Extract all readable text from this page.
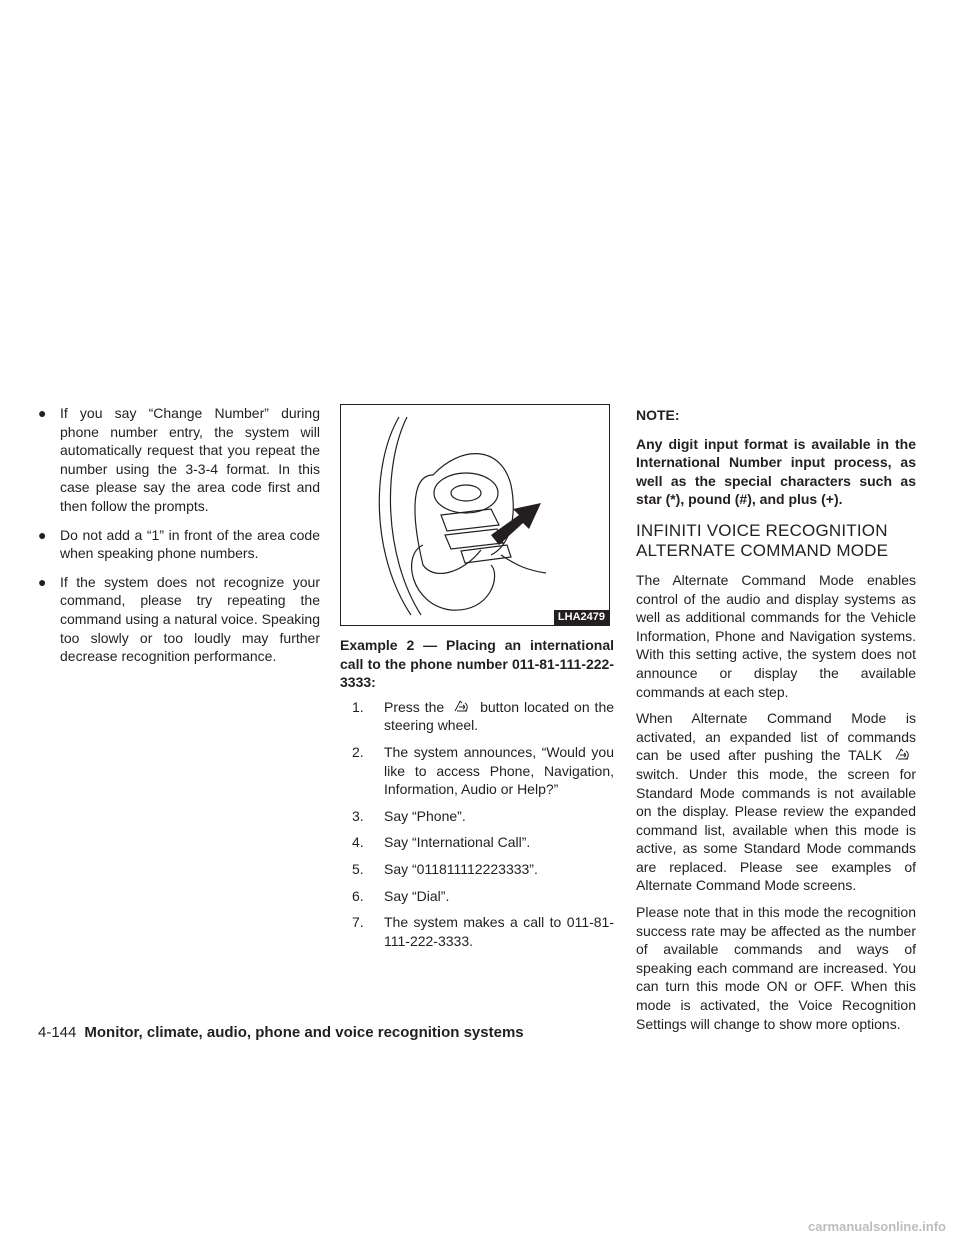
● If you say “Change Number” during phone number entry, the system will automatically request that you repeat the number using the 3-3-4 format. In this case please say the area code first and then follow the prompts.
● Do not add a “1” in front of the area code when speaking phone numbers.
● If the system does not recognize your command, please try repeating the command using a natural voice. Speaking too slowly or too loudly may further decrease recognition performance.
LHA2479
Example 2 — Placing an international call to the phone number 011-81-111-222-3333:
1. Press the	button located on the steering wheel.
2. The system announces, “Would you like to access Phone, Navigation, Information, Audio or Help?”
3. Say “Phone”.
4. Say “International Call”.
5. Say “011811112223333”.
6. Say “Dial”.
7. The system makes a call to 011-81-111-222-3333.
NOTE:
Any digit input format is available in the International Number input process, as well as the special characters such as star (*), pound (#), and plus (+).
INFINITI VOICE RECOGNITION
ALTERNATE COMMAND MODE

The Alternate Command Mode enables control of the audio and display systems as well as additional commands for the Vehicle Information, Phone and Navigation systems. With this setting active, the system does not announce or display the available commands at each step.

When Alternate Command Mode is activated, an expanded list of commands can be used after pushing the TALK  switch. Under this mode, the screen for Standard Mode commands is not available on the display. Please review the expanded command list, available when this mode is active, as some Standard Mode commands are replaced. Please see examples of Alternate Command Mode screens.

Please note that in this mode the recognition success rate may be affected as the number of available commands and ways of speaking each command are increased. You can turn this mode ON or OFF. When this mode is activated, the Voice Recognition Settings will change to show more options.

4-144 Monitor, climate, audio, phone and voice recognition systems
carmanualsonline.info
